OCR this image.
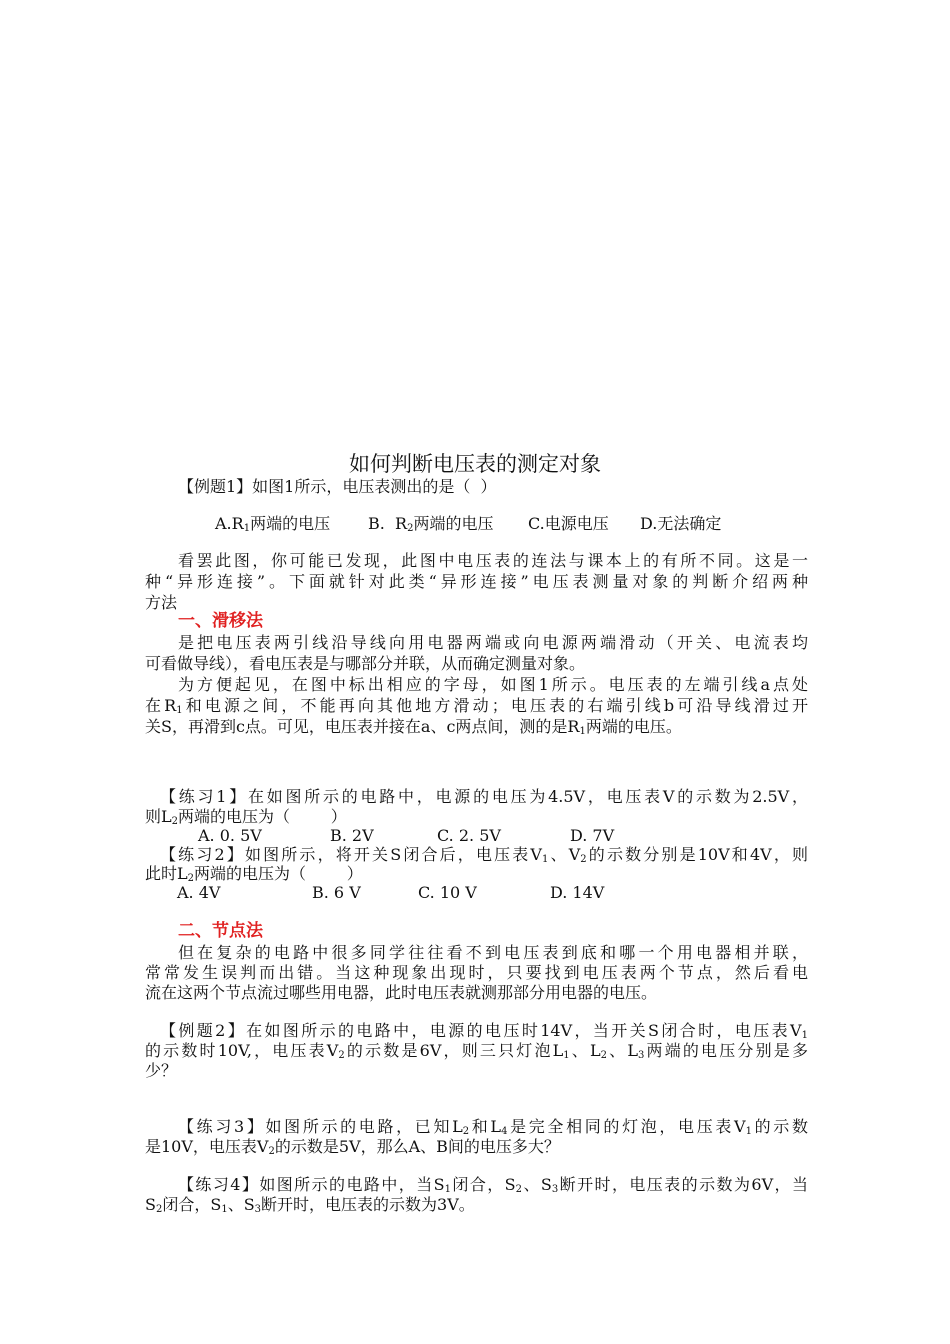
如何判断电压表的测定对象
【例题1】如图1所示，电压表测出的是（  ）
$A.R_1$两端的电压 B.  $R_2$两端的电压 C.电源电压 D.无法确定
看罢此图，你可能已发现，此图中电压表的连法与课本上的有所不同。这是一
种“异形连接”。下面就针对此类“异形连接”电压表测量对象的判断介绍两种
方法
一、滑移法
是把电压表两引线沿导线向用电器两端或向电源两端滑动（开关、电流表均
可看做导线），看电压表是与哪部分并联，从而确定测量对象。
为方便起见，在图中标出相应的字母，如图1所示。电压表的左端引线a点处
在$R_1$和电源之间，不能再向其他地方滑动；电压表的右端引线b可沿导线滑过开
关S，再滑到c点。可见，电压表并接在a、c两点间，测的是$R_1$两端的电压。
【练习1】在如图所示的电路中，电源的电压为4.5V，电压表V的示数为2.5V，
则$L_2$两端的电压为（        ）
A. 0. 5V	B. 2V	C. 2. 5V	D. 7V
【练习2】如图所示，将开关S闭合后，电压表$V_1$、$V_2$的示数分别是10V和4V，则
此时$L_2$两端的电压为（        ）
A. 4V	B. 6 V	C. 10 V	D. 14V
二、节点法
但在复杂的电路中很多同学往往看不到电压表到底和哪一个用电器相并联，
常常发生误判而出错。当这种现象出现时，只要找到电压表两个节点，然后看电
流在这两个节点流过哪些用电器，此时电压表就测那部分用电器的电压。
【例题2】在如图所示的电路中，电源的电压时14V，当开关S闭合时，电压表$V_1$
的示数时10V,，电压表$V_2$的示数是6V，则三只灯泡$L_1$、$L_2$、$L_3$两端的电压分别是多
少？
【练习3】如图所示的电路，已知$L_2$和$L_4$是完全相同的灯泡，电压表$V_1$的示数
是10V，电压表$V_2$的示数是5V，那么A、B间的电压多大？
【练习4】如图所示的电路中，当$S_1$闭合，$S_2$、$S_3$断开时，电压表的示数为6V，当
$S_2$闭合，$S_1$、$S_3$断开时，电压表的示数为3V。
